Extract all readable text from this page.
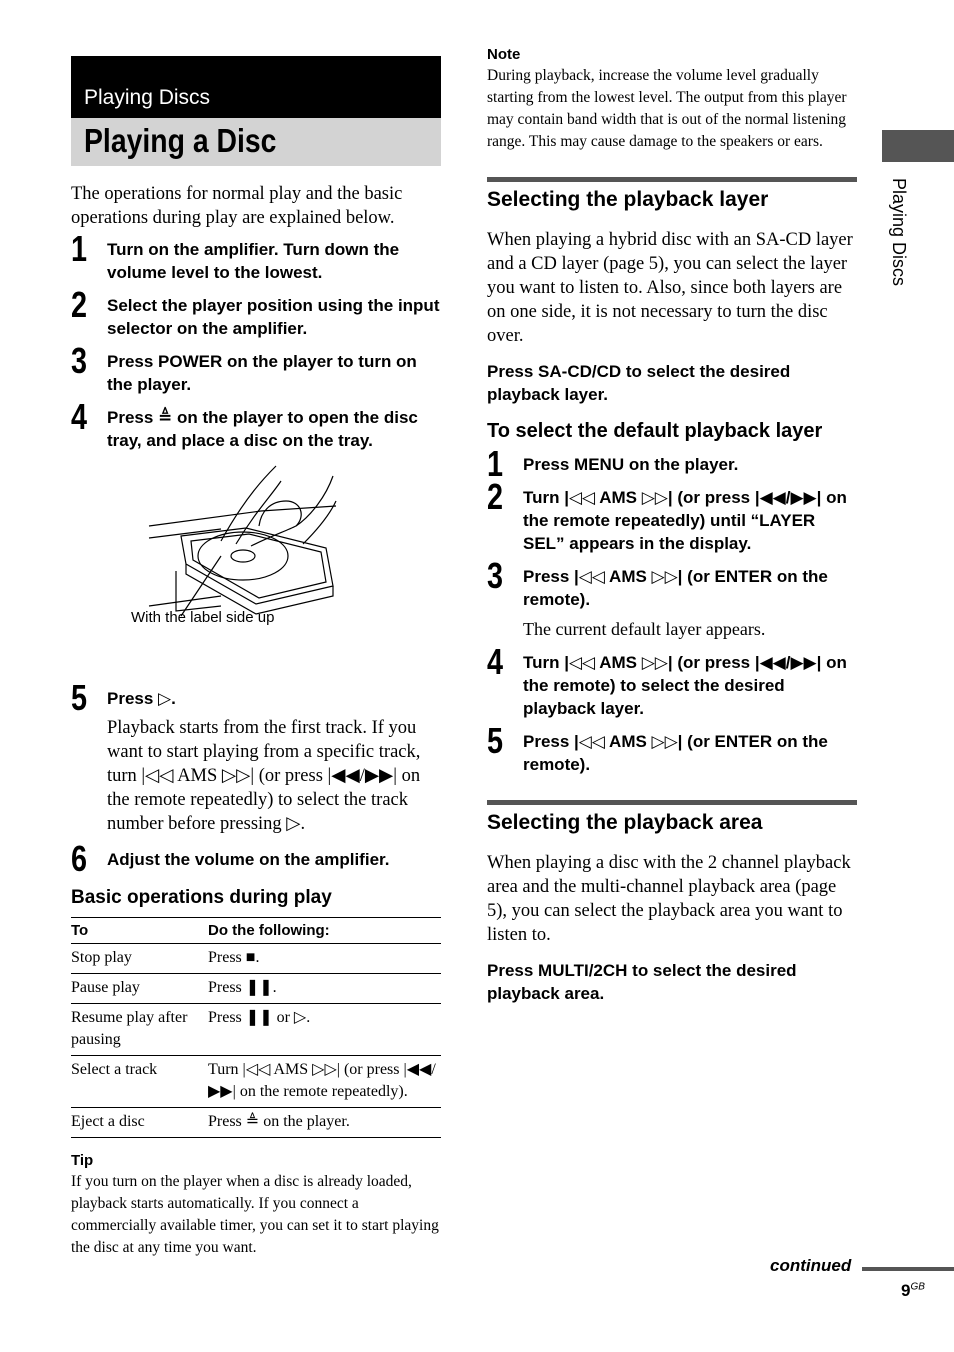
Playing Discs
Playing a Disc
The operations for normal play and the basic operations during play are explained below.
1 Turn on the amplifier. Turn down the volume level to the lowest.
2 Select the player position using the input selector on the amplifier.
3 Press POWER on the player to turn on the player.
4 Press ≜ on the player to open the disc tray, and place a disc on the tray.
With the label side up
5 Press ▷.
Playback starts from the first track. If you want to start playing from a specific track, turn |◁◁ AMS ▷▷| (or press |◀◀/▶▶| on the remote repeatedly) to select the track number before pressing ▷.
6 Adjust the volume on the amplifier.
Basic operations during play
To	Do the following:
Stop play	Press ■.
Pause play	Press ❚❚.
Resume play after pausing	Press ❚❚ or ▷.
Select a track	Turn |◁◁ AMS ▷▷| (or press |◀◀/▶▶| on the remote repeatedly).
Eject a disc	Press ≜ on the player.
Tip
If you turn on the player when a disc is already loaded, playback starts automatically. If you connect a commercially available timer, you can set it to start playing the disc at any time you want.
Note
During playback, increase the volume level gradually starting from the lowest level. The output from this player may contain band width that is out of the normal listening range. This may cause damage to the speakers or ears.
Selecting the playback layer
When playing a hybrid disc with an SA-CD layer and a CD layer (page 5), you can select the layer you want to listen to. Also, since both layers are on one side, it is not necessary to turn the disc over.
Press SA-CD/CD to select the desired playback layer.
To select the default playback layer
1 Press MENU on the player.
2 Turn |◁◁ AMS ▷▷| (or press |◀◀/▶▶| on the remote repeatedly) until “LAYER SEL” appears in the display.
3 Press |◁◁ AMS ▷▷| (or ENTER on the remote).
The current default layer appears.
4 Turn |◁◁ AMS ▷▷| (or press |◀◀/▶▶| on the remote) to select the desired playback layer.
5 Press |◁◁ AMS ▷▷| (or ENTER on the remote).
Selecting the playback area
When playing a disc with the 2 channel playback area and the multi-channel playback area (page 5), you can select the playback area you want to listen to.
Press MULTI/2CH to select the desired playback area.
Playing Discs
continued
$9^{GB}$
